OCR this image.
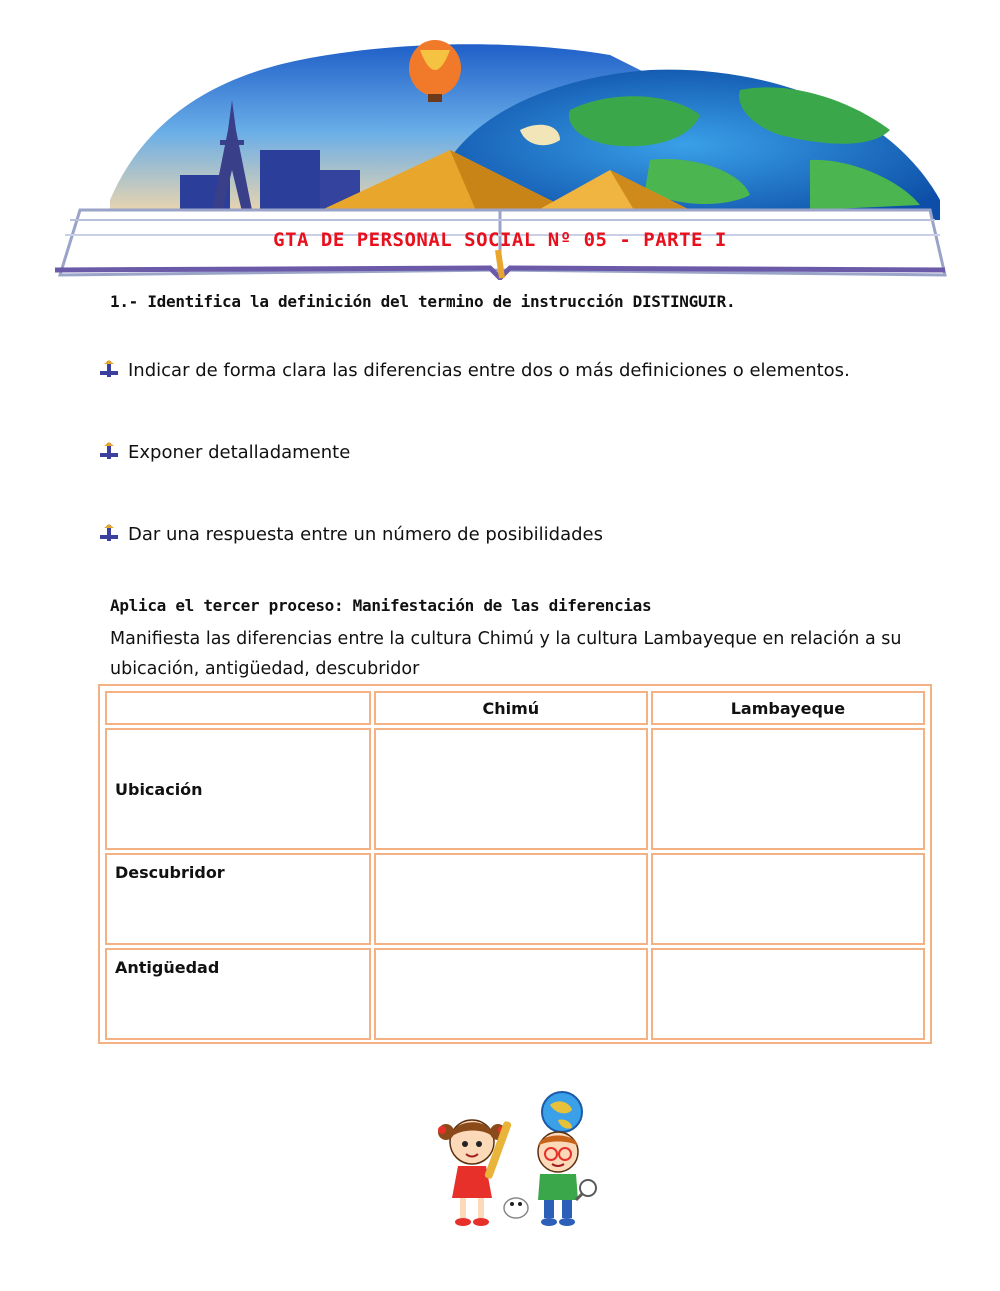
GTA DE PERSONAL SOCIAL Nº 05 - PARTE I
1.- Identifica la definición del termino de instrucción DISTINGUIR.
Indicar de forma clara las diferencias entre dos o más definiciones o elementos.
Exponer detalladamente
Dar una respuesta entre un número de posibilidades
Aplica el tercer proceso: Manifestación de las diferencias
Manifiesta las diferencias entre la cultura Chimú y la cultura Lambayeque en relación a su ubicación, antigüedad, descubridor
	Chimú	Lambayeque
Ubicación		
Descubridor		
Antigüedad		
